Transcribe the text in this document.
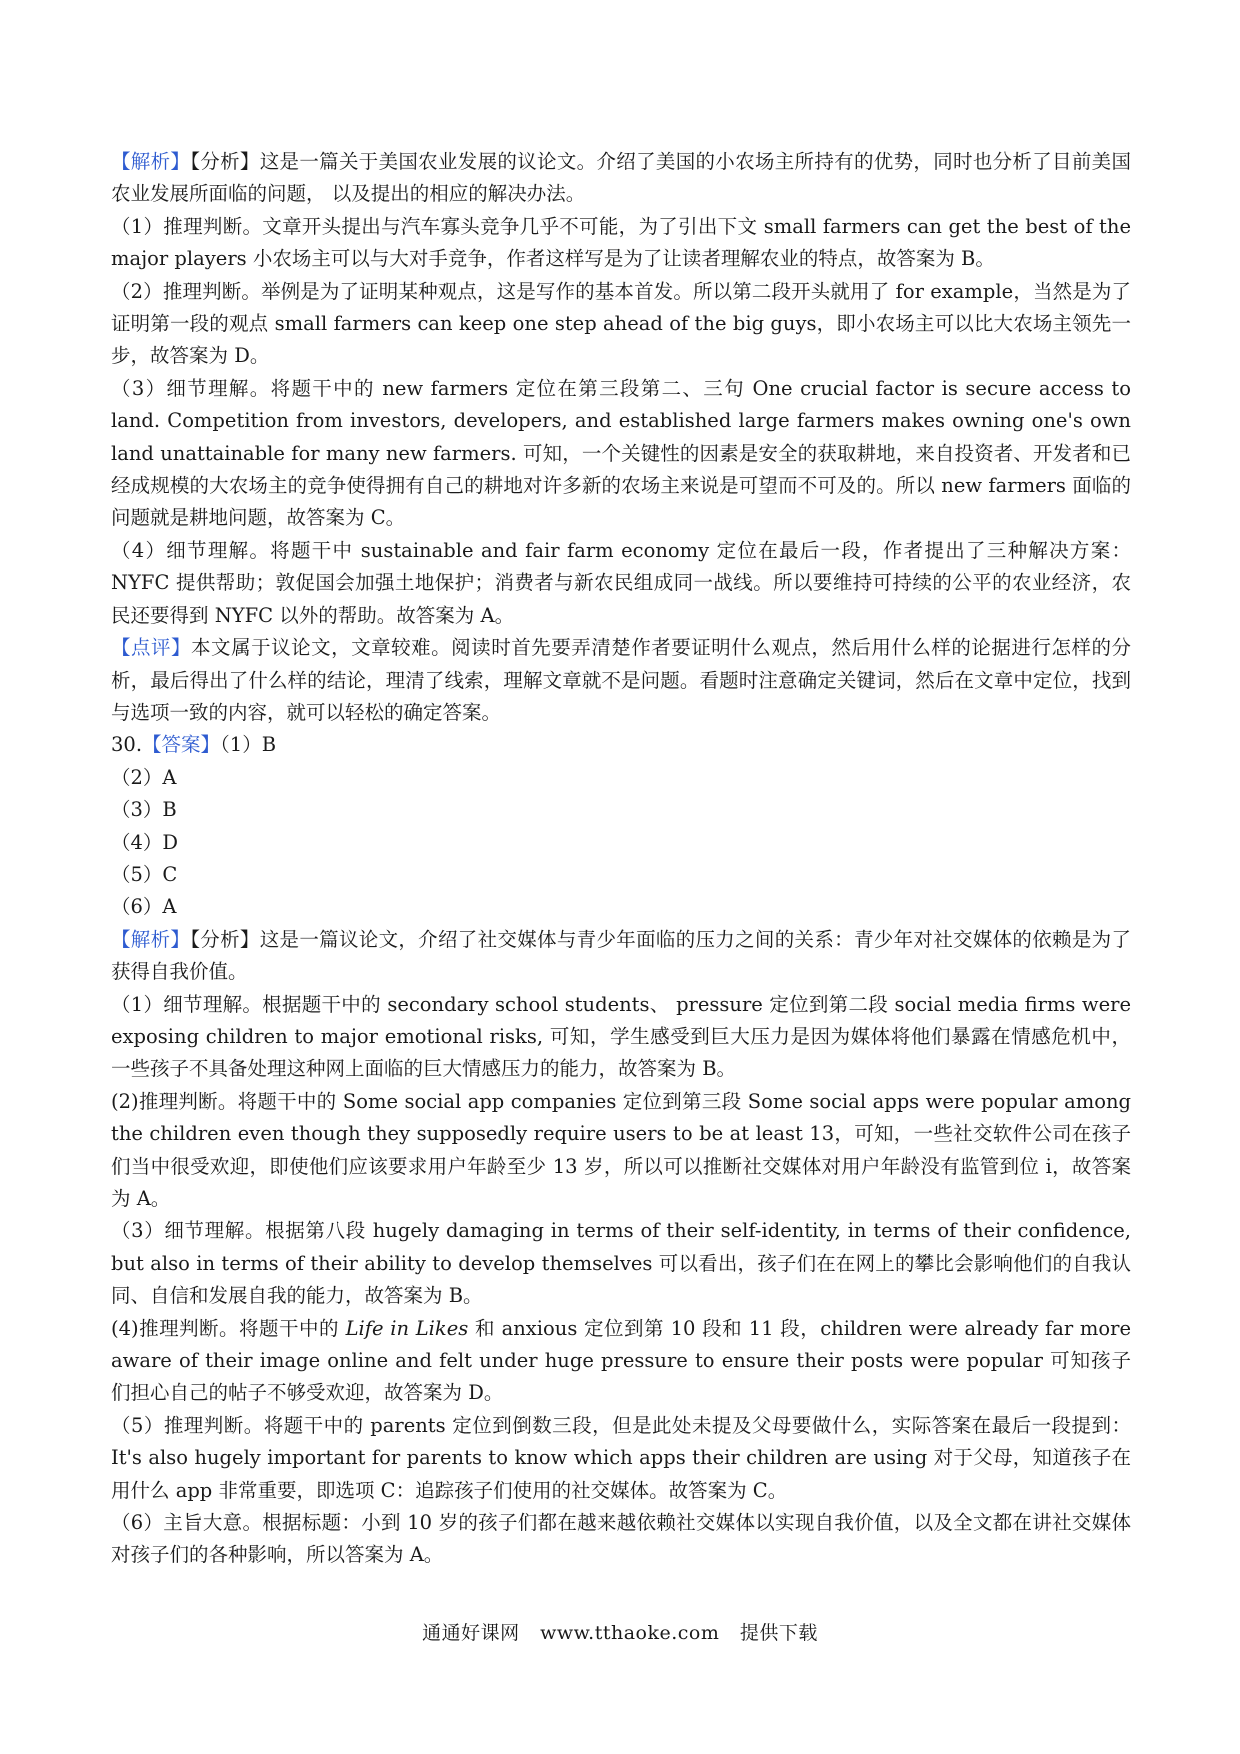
【解析】【分析】这是一篇关于美国农业发展的议论文。介绍了美国的小农场主所持有的优势，同时也分析了目前美国农业发展所面临的问题， 以及提出的相应的解决办法。

（1）推理判断。文章开头提出与汽车寡头竞争几乎不可能，为了引出下文 small farmers can get the best of the major players 小农场主可以与大对手竞争，作者这样写是为了让读者理解农业的特点，故答案为 B。

（2）推理判断。举例是为了证明某种观点，这是写作的基本首发。所以第二段开头就用了 for example，当然是为了证明第一段的观点 small farmers can keep one step ahead of the big guys，即小农场主可以比大农场主领先一步，故答案为 D。

（3）细节理解。将题干中的 new farmers 定位在第三段第二、三句 One crucial factor is secure access to land. Competition from investors, developers, and established large farmers makes owning one's own land unattainable for many new farmers. 可知，一个关键性的因素是安全的获取耕地，来自投资者、开发者和已经成规模的大农场主的竞争使得拥有自己的耕地对许多新的农场主来说是可望而不可及的。所以 new farmers 面临的问题就是耕地问题，故答案为 C。

（4）细节理解。将题干中 sustainable and fair farm economy 定位在最后一段，作者提出了三种解决方案：NYFC 提供帮助；敦促国会加强土地保护；消费者与新农民组成同一战线。所以要维持可持续的公平的农业经济，农民还要得到 NYFC 以外的帮助。故答案为 A。

【点评】本文属于议论文，文章较难。阅读时首先要弄清楚作者要证明什么观点，然后用什么样的论据进行怎样的分析，最后得出了什么样的结论，理清了线索，理解文章就不是问题。看题时注意确定关键词，然后在文章中定位，找到与选项一致的内容，就可以轻松的确定答案。

30.【答案】（1）B

（2）A

（3）B

（4）D

（5）C

（6）A

【解析】【分析】这是一篇议论文，介绍了社交媒体与青少年面临的压力之间的关系：青少年对社交媒体的依赖是为了获得自我价值。

（1）细节理解。根据题干中的 secondary school students、 pressure 定位到第二段 social media firms were exposing children to major emotional risks, 可知，学生感受到巨大压力是因为媒体将他们暴露在情感危机中，一些孩子不具备处理这种网上面临的巨大情感压力的能力，故答案为 B。

(2)推理判断。将题干中的 Some social app companies 定位到第三段 Some social apps were popular among the children even though they supposedly require users to be at least 13，可知，一些社交软件公司在孩子们当中很受欢迎，即使他们应该要求用户年龄至少 13 岁，所以可以推断社交媒体对用户年龄没有监管到位 i，故答案为 A。

（3）细节理解。根据第八段 hugely damaging in terms of their self-identity, in terms of their confidence, but also in terms of their ability to develop themselves 可以看出，孩子们在在网上的攀比会影响他们的自我认同、自信和发展自我的能力，故答案为 B。

(4)推理判断。将题干中的 Life in Likes 和 anxious 定位到第 10 段和 11 段，children were already far more aware of their image online and felt under huge pressure to ensure their posts were popular 可知孩子们担心自己的帖子不够受欢迎，故答案为 D。

（5）推理判断。将题干中的 parents 定位到倒数三段，但是此处未提及父母要做什么，实际答案在最后一段提到：It's also hugely important for parents to know which apps their children are using 对于父母，知道孩子在用什么 app 非常重要，即选项 C：追踪孩子们使用的社交媒体。故答案为 C。

（6）主旨大意。根据标题：小到 10 岁的孩子们都在越来越依赖社交媒体以实现自我价值，以及全文都在讲社交媒体对孩子们的各种影响，所以答案为 A。

通通好课网 www.tthaoke.com 提供下载
